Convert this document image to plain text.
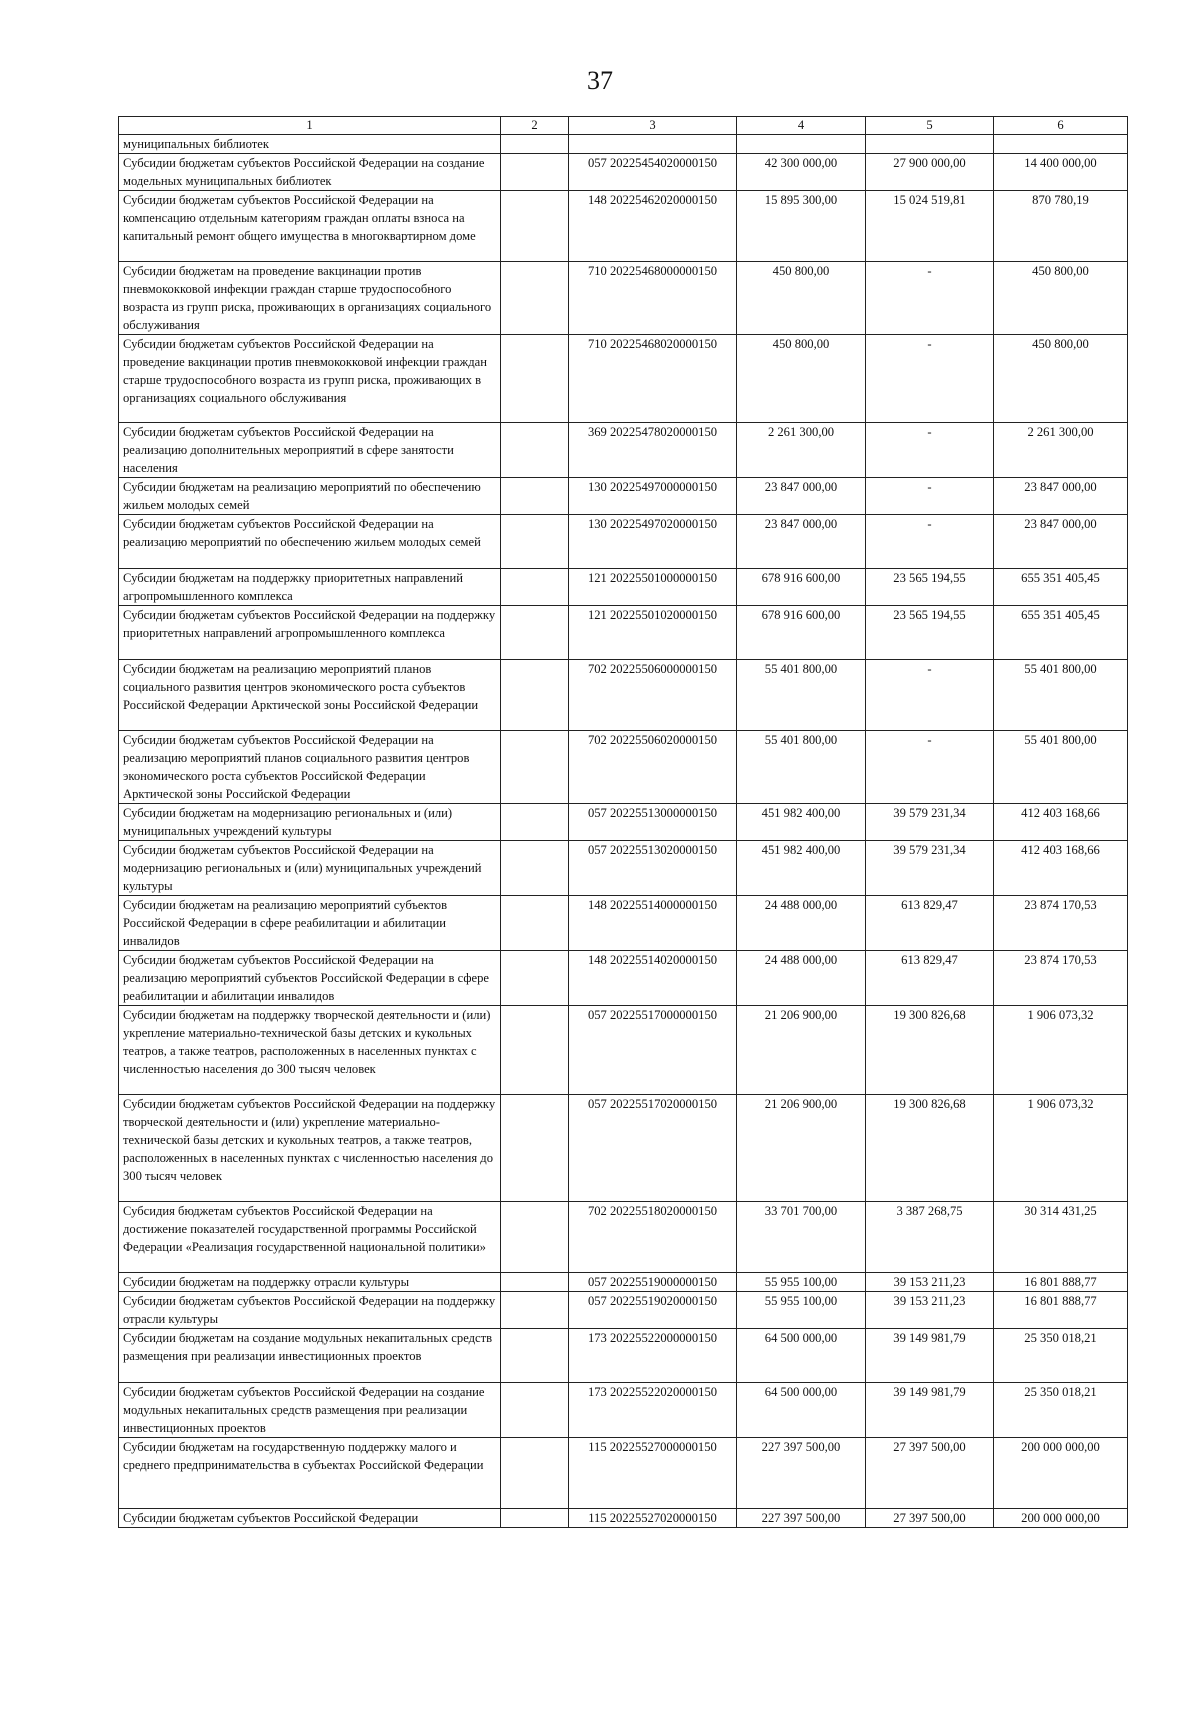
37
1	2	3	4	5	6
муниципальных библиотек					
Субсидии бюджетам субъектов Российской Федерации на создание модельных муниципальных библиотек		057 20225454020000150	42 300 000,00	27 900 000,00	14 400 000,00
Субсидии бюджетам субъектов Российской Федерации на компенсацию отдельным категориям граждан оплаты взноса на капитальный ремонт общего имущества в многоквартирном доме		148 20225462020000150	15 895 300,00	15 024 519,81	870 780,19
Субсидии бюджетам на проведение вакцинации против пневмококковой инфекции граждан старше трудоспособного возраста из групп риска, проживающих в организациях социального обслуживания		710 20225468000000150	450 800,00	-	450 800,00
Субсидии бюджетам субъектов Российской Федерации на проведение вакцинации против пневмококковой инфекции граждан старше трудоспособного возраста из групп риска, проживающих в организациях социального обслуживания		710 20225468020000150	450 800,00	-	450 800,00
Субсидии бюджетам субъектов Российской Федерации на реализацию дополнительных мероприятий в сфере занятости населения		369 20225478020000150	2 261 300,00	-	2 261 300,00
Субсидии бюджетам на реализацию мероприятий по обеспечению жильем молодых семей		130 20225497000000150	23 847 000,00	-	23 847 000,00
Субсидии бюджетам субъектов Российской Федерации на реализацию мероприятий по обеспечению жильем молодых семей		130 20225497020000150	23 847 000,00	-	23 847 000,00
Субсидии бюджетам на поддержку приоритетных направлений агропромышленного комплекса		121 20225501000000150	678 916 600,00	23 565 194,55	655 351 405,45
Субсидии бюджетам субъектов Российской Федерации на поддержку приоритетных направлений агропромышленного комплекса		121 20225501020000150	678 916 600,00	23 565 194,55	655 351 405,45
Субсидии бюджетам на реализацию мероприятий планов социального развития центров экономического роста субъектов Российской Федерации Арктической зоны Российской Федерации		702 20225506000000150	55 401 800,00	-	55 401 800,00
Субсидии бюджетам субъектов Российской Федерации на реализацию мероприятий планов социального развития центров экономического роста субъектов Российской Федерации Арктической зоны Российской Федерации		702 20225506020000150	55 401 800,00	-	55 401 800,00
Субсидии бюджетам на модернизацию региональных и (или) муниципальных учреждений культуры		057 20225513000000150	451 982 400,00	39 579 231,34	412 403 168,66
Субсидии бюджетам субъектов Российской Федерации на модернизацию региональных и (или) муниципальных учреждений культуры		057 20225513020000150	451 982 400,00	39 579 231,34	412 403 168,66
Субсидии бюджетам на реализацию мероприятий субъектов Российской Федерации в сфере реабилитации и абилитации инвалидов		148 20225514000000150	24 488 000,00	613 829,47	23 874 170,53
Субсидии бюджетам субъектов Российской Федерации на реализацию мероприятий субъектов Российской Федерации в сфере реабилитации и абилитации инвалидов		148 20225514020000150	24 488 000,00	613 829,47	23 874 170,53
Субсидии бюджетам на поддержку творческой деятельности и (или) укрепление материально-технической базы детских и кукольных театров, а также театров, расположенных в населенных пунктах с численностью населения до 300 тысяч человек		057 20225517000000150	21 206 900,00	19 300 826,68	1 906 073,32
Субсидии бюджетам субъектов Российской Федерации на поддержку творческой деятельности и (или) укрепление материально-технической базы детских и кукольных театров, а также театров, расположенных в населенных пунктах с численностью населения до 300 тысяч человек		057 20225517020000150	21 206 900,00	19 300 826,68	1 906 073,32
Субсидия бюджетам субъектов Российской Федерации на достижение показателей государственной программы Российской Федерации «Реализация государственной национальной политики»		702 20225518020000150	33 701 700,00	3 387 268,75	30 314 431,25
Субсидии бюджетам на поддержку отрасли культуры		057 20225519000000150	55 955 100,00	39 153 211,23	16 801 888,77
Субсидии бюджетам субъектов Российской Федерации на поддержку отрасли культуры		057 20225519020000150	55 955 100,00	39 153 211,23	16 801 888,77
Субсидии бюджетам на создание модульных некапитальных средств размещения при реализации инвестиционных проектов		173 20225522000000150	64 500 000,00	39 149 981,79	25 350 018,21
Субсидии бюджетам субъектов Российской Федерации на создание модульных некапитальных средств размещения при реализации инвестиционных проектов		173 20225522020000150	64 500 000,00	39 149 981,79	25 350 018,21
Субсидии бюджетам на государственную поддержку малого и среднего предпринимательства в субъектах Российской Федерации		115 20225527000000150	227 397 500,00	27 397 500,00	200 000 000,00
Субсидии бюджетам субъектов Российской Федерации		115 20225527020000150	227 397 500,00	27 397 500,00	200 000 000,00
